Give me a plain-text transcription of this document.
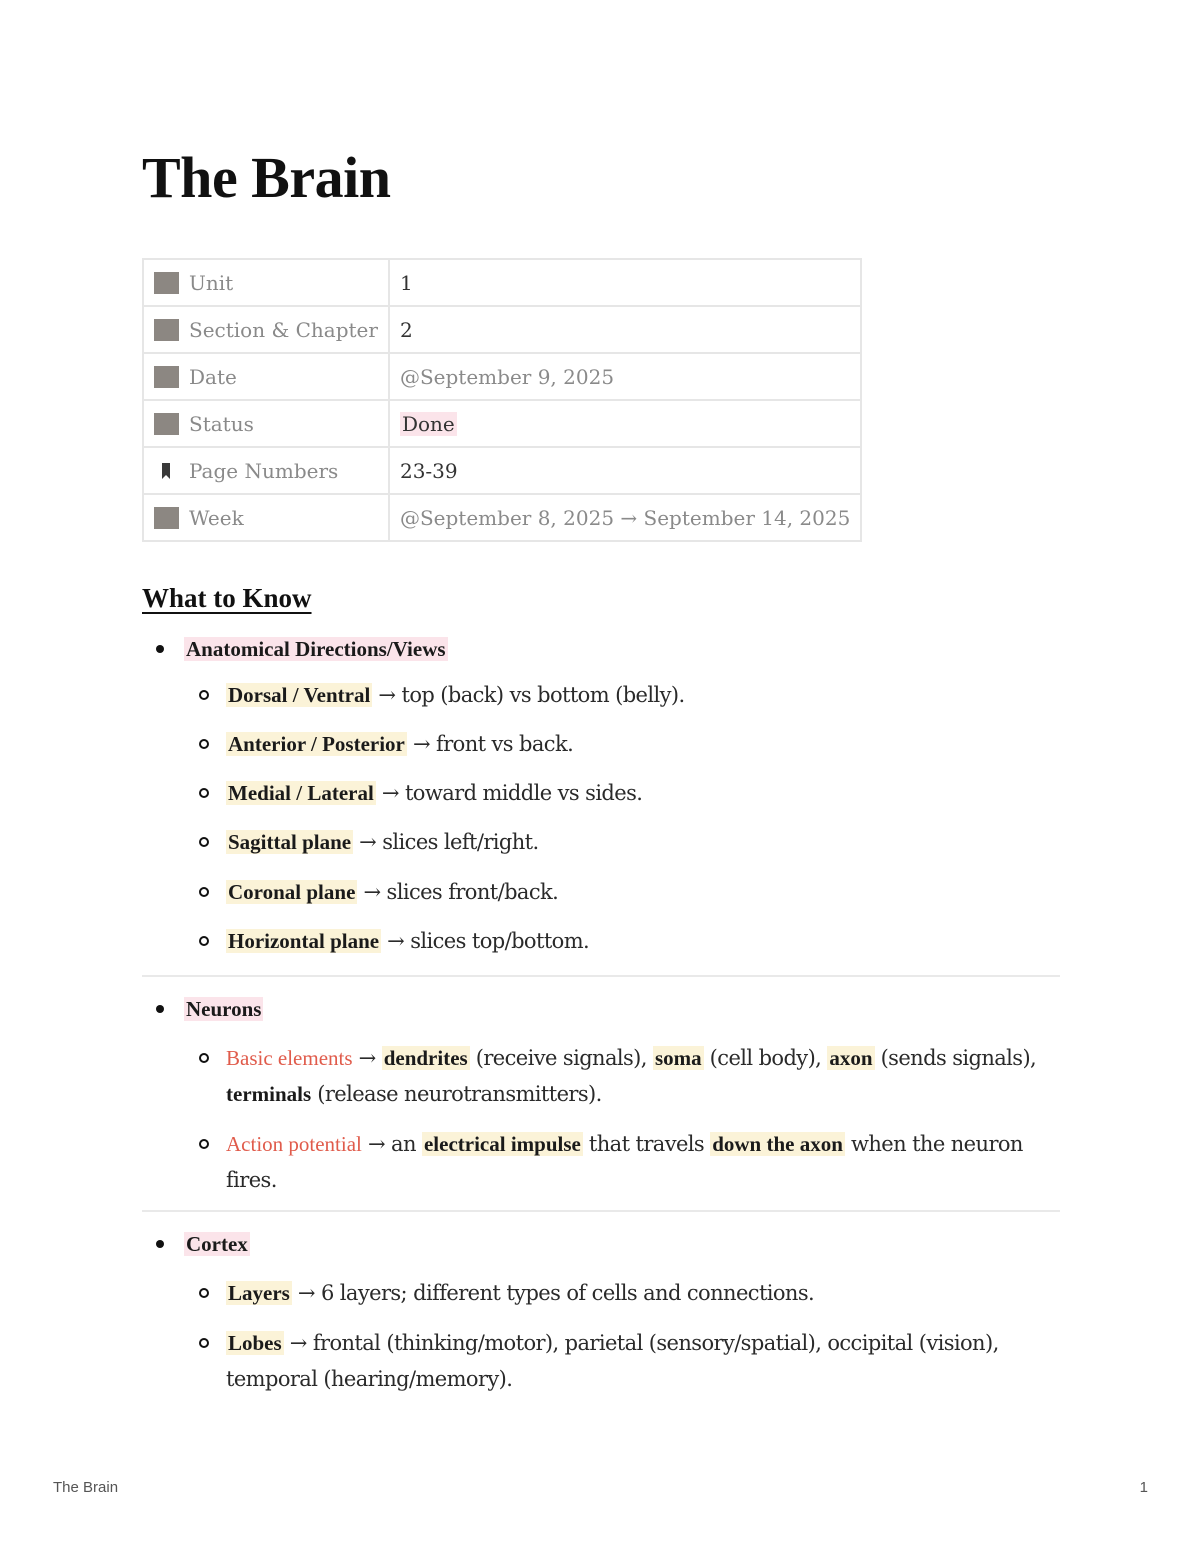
The Brain
Unit	1
Section & Chapter	2
Date	@September 9, 2025
Status	Done
Page Numbers	23-39
Week	@September 8, 2025 → September 14, 2025
What to Know
Anatomical Directions/Views
Dorsal / Ventral → top (back) vs bottom (belly).
Anterior / Posterior → front vs back.
Medial / Lateral → toward middle vs sides.
Sagittal plane → slices left/right.
Coronal plane → slices front/back.
Horizontal plane → slices top/bottom.
Neurons
Basic elements → dendrites (receive signals), soma (cell body), axon (sends signals), terminals (release neurotransmitters).
Action potential → an electrical impulse that travels down the axon when the neuron fires.
Cortex
Layers → 6 layers; different types of cells and connections.
Lobes → frontal (thinking/motor), parietal (sensory/spatial), occipital (vision), temporal (hearing/memory).
The Brain	1
